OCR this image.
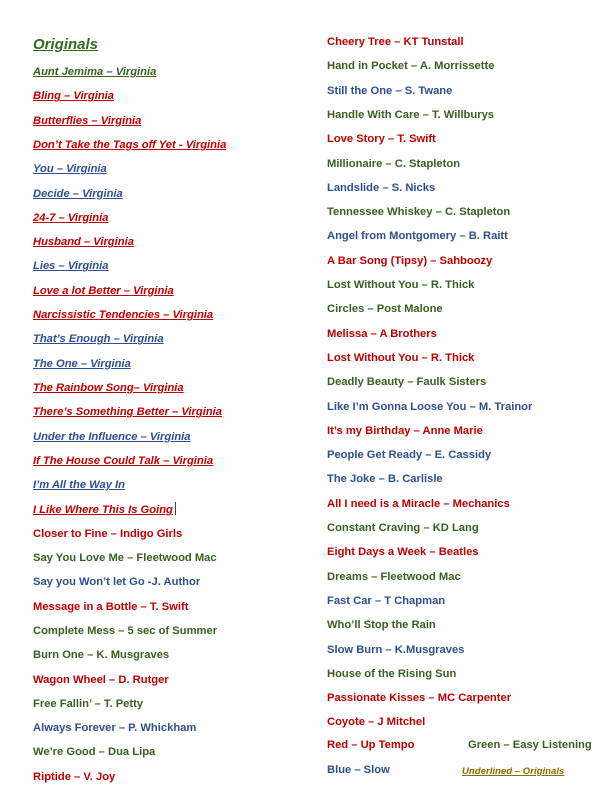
Originals
Aunt Jemima – Virginia
Bling – Virginia
Butterflies – Virginia
Don’t Take the Tags off Yet - Virginia
You – Virginia
Decide – Virginia
24-7 – Virginia
Husband – Virginia
Lies – Virginia
Love a lot Better – Virginia
Narcissistic Tendencies – Virginia
That’s Enough – Virginia
The One – Virginia
The Rainbow Song– Virginia
There’s Something Better – Virginia
Under the Influence – Virginia
If The House Could Talk – Virginia
I’m All the Way In
I Like Where This Is Going
Closer to Fine – Indigo Girls
Say You Love Me – Fleetwood Mac
Say you Won’t let Go -J. Author
Message in a Bottle – T. Swift
Complete Mess – 5 sec of Summer
Burn One – K. Musgraves
Wagon Wheel – D. Rutger
Free Fallin’ – T. Petty
Always Forever – P. Whickham
We’re Good – Dua Lipa
Riptide – V. Joy
Cheery Tree – KT Tunstall
Hand in Pocket – A. Morrissette
Still the One – S. Twane
Handle With Care – T. Willburys
Love Story – T. Swift
Millionaire – C. Stapleton
Landslide – S. Nicks
Tennessee Whiskey – C. Stapleton
Angel from Montgomery – B. Raitt
A Bar Song (Tipsy) – Sahboozy
Lost Without You – R. Thick
Circles – Post Malone
Melissa – A Brothers
Lost Without You – R. Thick
Deadly Beauty – Faulk Sisters
Like I’m Gonna Loose You – M. Trainor
It’s my Birthday – Anne Marie
People Get Ready – E. Cassidy
The Joke – B. Carlisle
All I need is a Miracle – Mechanics
Constant Craving – KD Lang
Eight Days a Week – Beatles
Dreams – Fleetwood Mac
Fast Car – T Chapman
Who’ll Stop the Rain
Slow Burn – K.Musgraves
House of the Rising Sun
Passionate Kisses – MC Carpenter
Coyote – J Mitchel
Red – Up Tempo	Green – Easy Listening
Blue – Slow	Underlined – Originals
